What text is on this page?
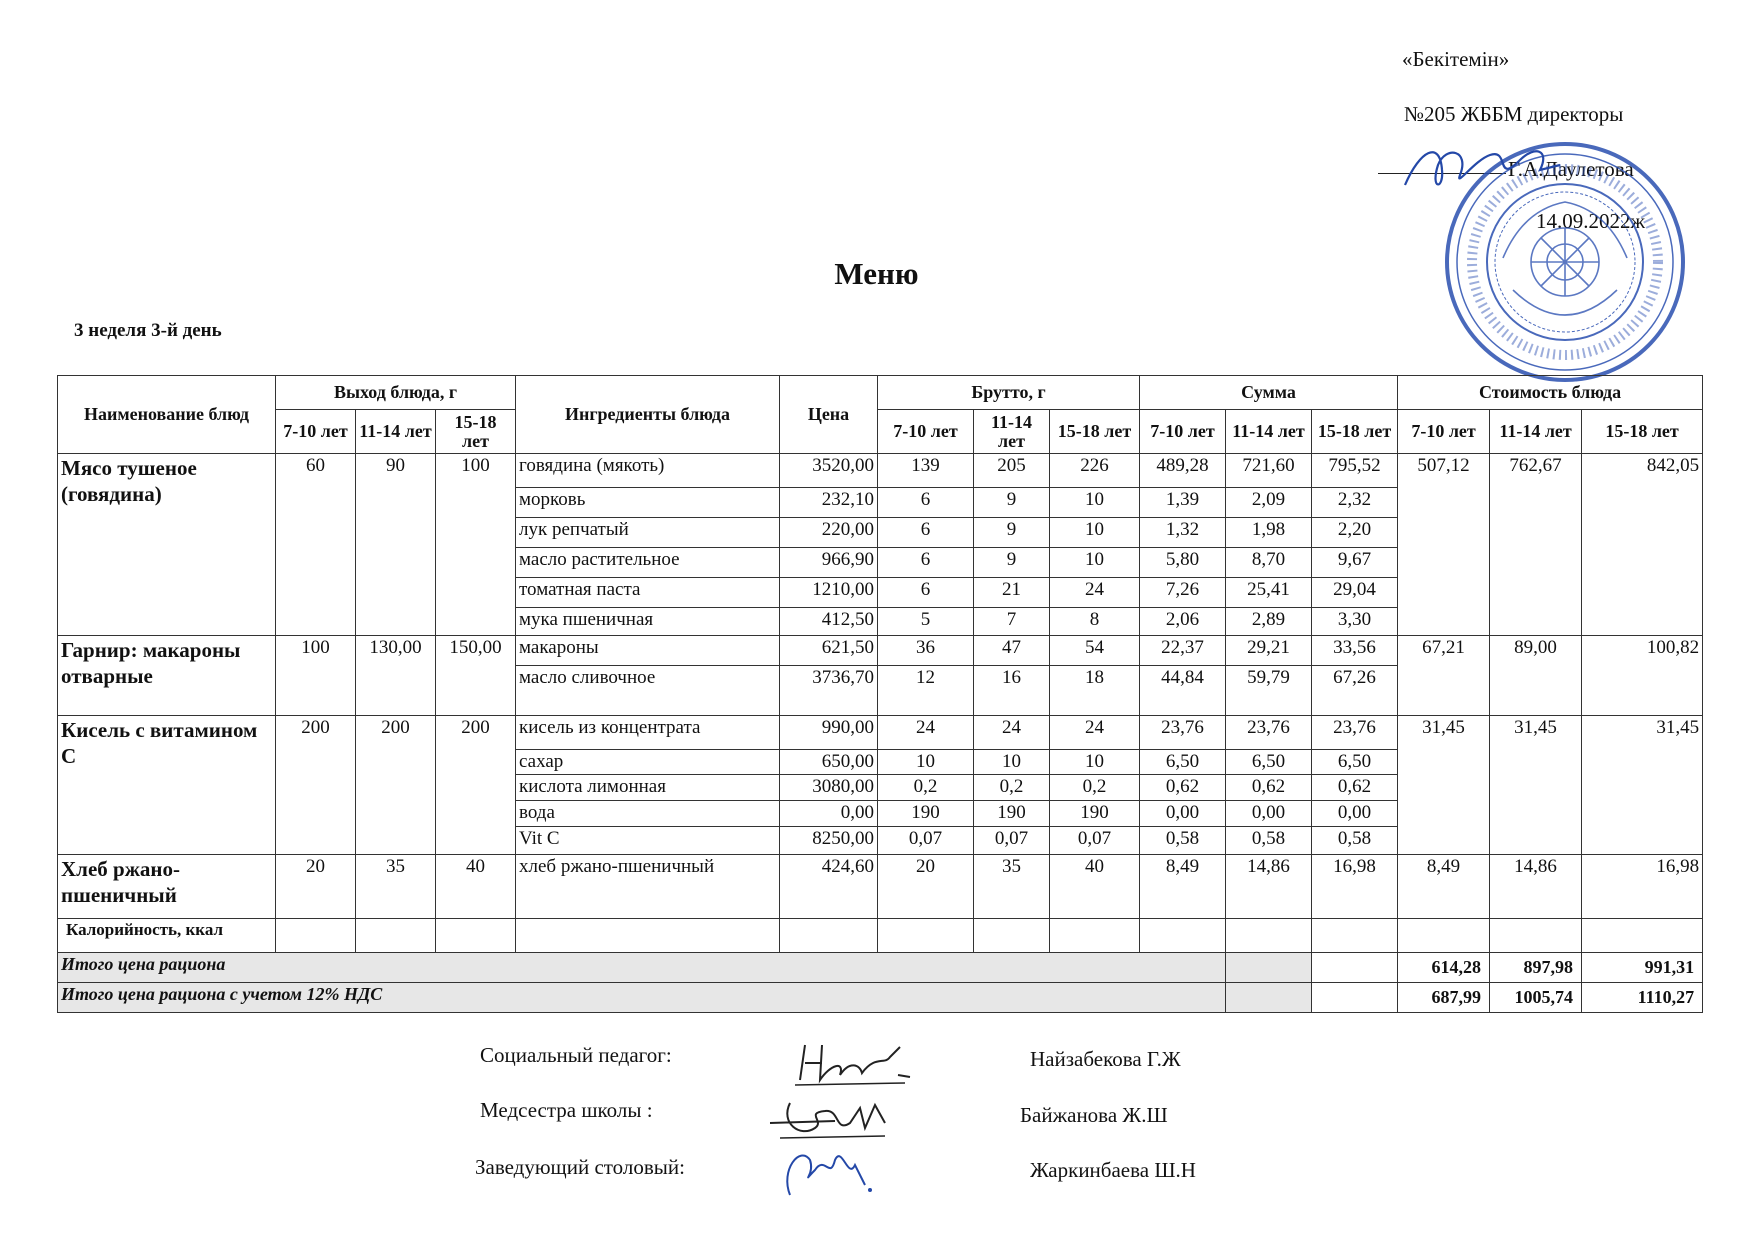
«Бекітемін»
№205 ЖББМ директоры
Г.А.Даулетова
14.09.2022ж
Меню
3 неделя 3-й день
Наименование блюд	Выход блюда, г			Ингредиенты блюда	Цена	Брутто, г			Сумма			Стоимость блюда		
	7-10 лет	11-14 лет	15-18 лет			7-10 лет	11-14 лет	15-18 лет	7-10 лет	11-14 лет	15-18 лет	7-10 лет	11-14 лет	15-18 лет
Мясо тушеное (говядина)	60	90	100	говядина (мякоть)	3520,00	139	205	226	489,28	721,60	795,52	507,12	762,67	842,05
				морковь	232,10	6	9	10	1,39	2,09	2,32			
				лук репчатый	220,00	6	9	10	1,32	1,98	2,20			
				масло растительное	966,90	6	9	10	5,80	8,70	9,67			
				томатная паста	1210,00	6	21	24	7,26	25,41	29,04			
				мука пшеничная	412,50	5	7	8	2,06	2,89	3,30			
Гарнир: макароны отварные	100	130,00	150,00	макароны	621,50	36	47	54	22,37	29,21	33,56	67,21	89,00	100,82
				масло сливочное	3736,70	12	16	18	44,84	59,79	67,26			
Кисель с витамином С	200	200	200	кисель из концентрата	990,00	24	24	24	23,76	23,76	23,76	31,45	31,45	31,45
				сахар	650,00	10	10	10	6,50	6,50	6,50			
				кислота лимонная	3080,00	0,2	0,2	0,2	0,62	0,62	0,62			
				вода	0,00	190	190	190	0,00	0,00	0,00			
				Vit C	8250,00	0,07	0,07	0,07	0,58	0,58	0,58			
Хлеб ржано-пшеничный	20	35	40	хлеб ржано-пшеничный	424,60	20	35	40	8,49	14,86	16,98	8,49	14,86	16,98
Калорийность, ккал														
Итого цена рациона												614,28	897,98	991,31
Итого цена рациона с учетом 12% НДС												687,99	1005,74	1110,27
Социальный педагог:	Найзабекова Г.Ж
Медсестра школы :	Байжанова Ж.Ш
Заведующий столовый:	Жаркинбаева Ш.Н
